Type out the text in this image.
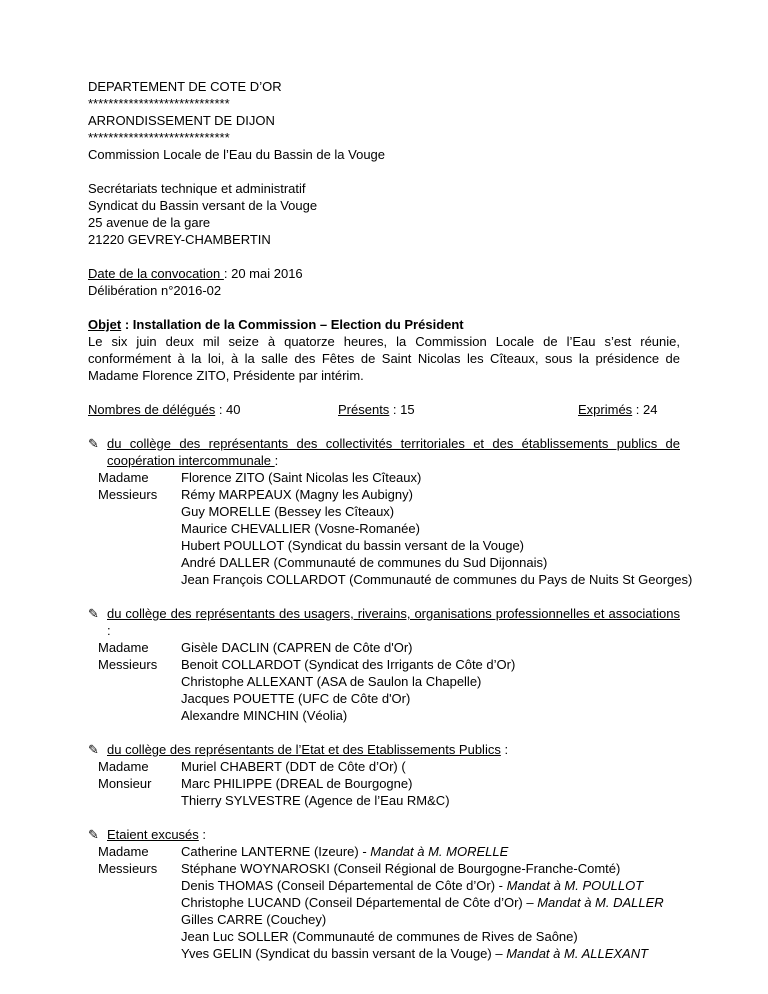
DEPARTEMENT DE COTE D’OR
****************************
ARRONDISSEMENT DE DIJON
****************************
Commission Locale de l’Eau du Bassin de la Vouge
Secrétariats technique et administratif
Syndicat du Bassin versant de la Vouge
25 avenue de la gare
21220 GEVREY-CHAMBERTIN
Date de la convocation : 20 mai 2016
Délibération n°2016-02
Objet : Installation de la Commission – Election du Président
Le six juin deux mil seize à quatorze heures, la Commission Locale de l’Eau s’est réunie, conformément à la loi, à la salle des Fêtes de Saint Nicolas les Cîteaux, sous la présidence de Madame Florence ZITO, Présidente par intérim.
Nombres de délégués : 40	Présents : 15	Exprimés : 24
✎ du collège des représentants des collectivités territoriales et des établissements publics de coopération intercommunale :
Madame	Florence ZITO (Saint Nicolas les Cîteaux)
Messieurs	Rémy MARPEAUX (Magny les Aubigny)
Guy MORELLE (Bessey les Cîteaux)
Maurice CHEVALLIER (Vosne-Romanée)
Hubert POULLOT (Syndicat du bassin versant de la Vouge)
André DALLER (Communauté de communes du Sud Dijonnais)
Jean François COLLARDOT (Communauté de communes du Pays de Nuits St Georges)
✎ du collège des représentants des usagers, riverains, organisations professionnelles et associations :
Madame	Gisèle DACLIN (CAPREN de Côte d'Or)
Messieurs	Benoit COLLARDOT (Syndicat des Irrigants de Côte d’Or)
Christophe ALLEXANT (ASA de Saulon la Chapelle)
Jacques POUETTE (UFC de Côte d'Or)
Alexandre MINCHIN (Véolia)
✎ du collège des représentants de l’Etat et des Etablissements Publics :
Madame	Muriel CHABERT (DDT de Côte d’Or) (
Monsieur	Marc PHILIPPE (DREAL de Bourgogne)
Thierry SYLVESTRE (Agence de l’Eau RM&C)
✎ Etaient excusés :
Madame	Catherine LANTERNE (Izeure) - Mandat à M. MORELLE
Messieurs	Stéphane WOYNAROSKI (Conseil Régional de Bourgogne-Franche-Comté)
Denis THOMAS (Conseil Départemental de Côte d’Or) - Mandat à M. POULLOT
Christophe LUCAND (Conseil Départemental de Côte d’Or) – Mandat à M. DALLER
Gilles CARRE (Couchey)
Jean Luc SOLLER (Communauté de communes de Rives de Saône)
Yves GELIN (Syndicat du bassin versant de la Vouge) – Mandat à M. ALLEXANT
